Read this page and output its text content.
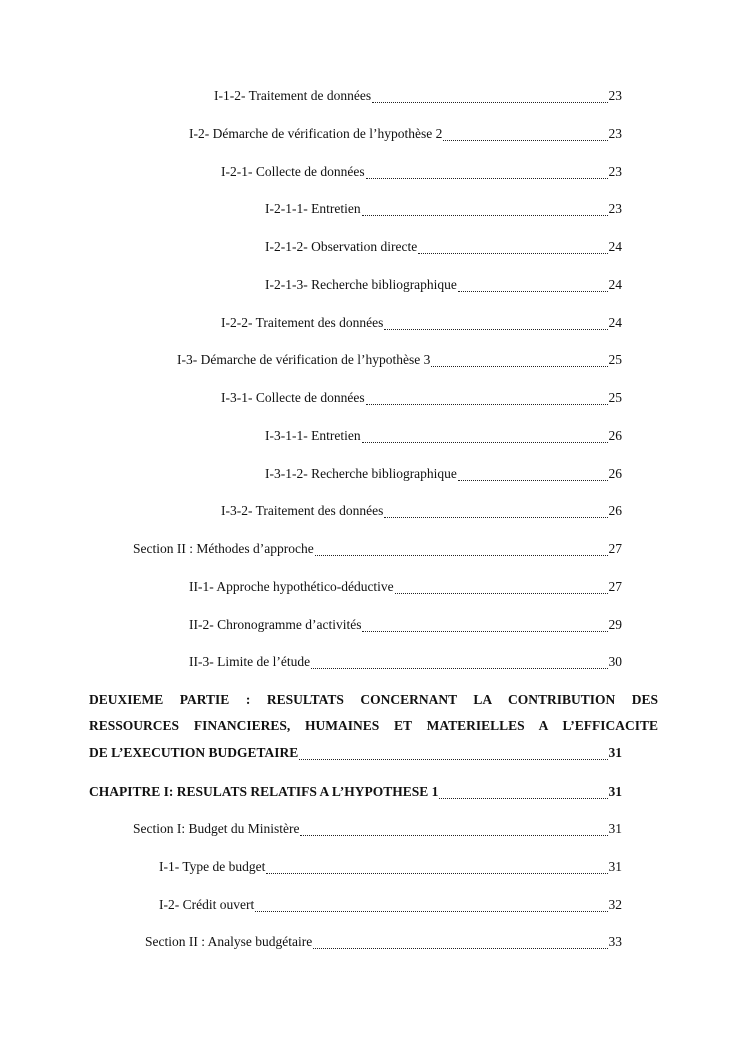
I-1-2- Traitement de données	23
I-2- Démarche de vérification de l’hypothèse 2	23
I-2-1- Collecte de données	23
I-2-1-1- Entretien	23
I-2-1-2- Observation directe	24
I-2-1-3- Recherche bibliographique	24
I-2-2- Traitement des données	24
I-3- Démarche de vérification de l’hypothèse 3	25
I-3-1- Collecte de données	25
I-3-1-1- Entretien	26
I-3-1-2- Recherche bibliographique	26
I-3-2- Traitement des données	26
Section II : Méthodes d’approche	27
II-1- Approche hypothético-déductive	27
II-2- Chronogramme d’activités	29
II-3- Limite de l’étude	30
DEUXIEME PARTIE : RESULTATS CONCERNANT LA CONTRIBUTION DES
RESSOURCES FINANCIERES, HUMAINES ET MATERIELLES A L’EFFICACITE
DE L’EXECUTION BUDGETAIRE	31
CHAPITRE I: RESULATS RELATIFS A L’HYPOTHESE 1	31
Section I: Budget du Ministère	31
I-1- Type de budget	31
I-2- Crédit ouvert	32
Section II : Analyse budgétaire	33
